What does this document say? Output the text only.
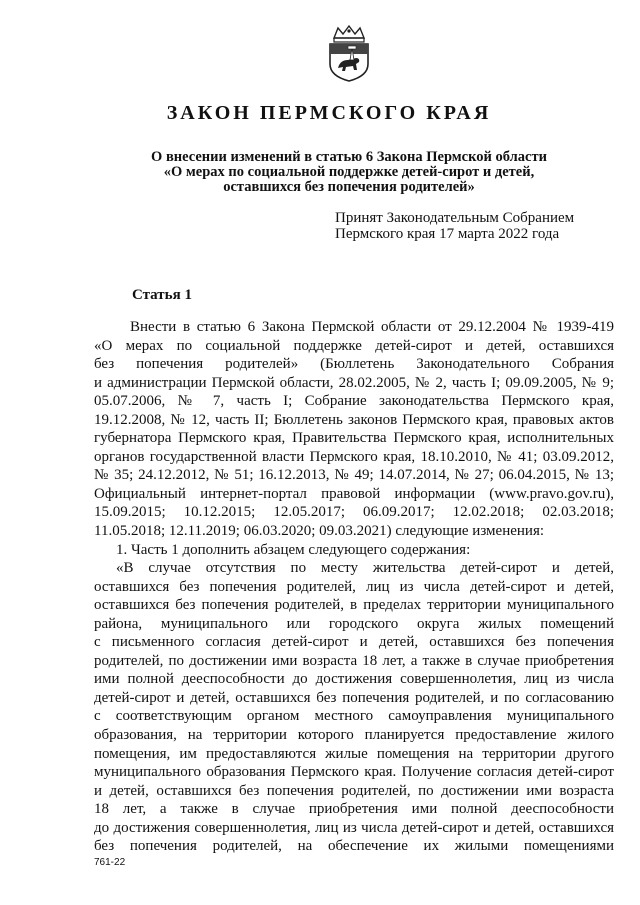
ЗАКОН ПЕРМСКОГО КРАЯ
О внесении изменений в статью 6 Закона Пермской области
«О мерах по социальной поддержке детей-сирот и детей,
оставшихся без попечения родителей»
Принят Законодательным Собранием
Пермского края 17 марта 2022 года
Статья 1
Внести в статью 6 Закона Пермской области от 29.12.2004 № 1939-419
«О мерах по социальной поддержке детей-сирот и детей, оставшихся
без попечения родителей» (Бюллетень Законодательного Собрания
и администрации Пермской области, 28.02.2005, № 2, часть I; 09.09.2005, № 9;
05.07.2006, № 7, часть I; Собрание законодательства Пермского края,
19.12.2008, № 12, часть II; Бюллетень законов Пермского края, правовых актов
губернатора Пермского края, Правительства Пермского края, исполнительных
органов государственной власти Пермского края, 18.10.2010, № 41; 03.09.2012,
№ 35; 24.12.2012, № 51; 16.12.2013, № 49; 14.07.2014, № 27; 06.04.2015, № 13;
Официальный интернет-портал правовой информации (www.pravo.gov.ru),
15.09.2015; 10.12.2015; 12.05.2017; 06.09.2017; 12.02.2018; 02.03.2018;
11.05.2018; 12.11.2019; 06.03.2020; 09.03.2021) следующие изменения:
1. Часть 1 дополнить абзацем следующего содержания:
«В случае отсутствия по месту жительства детей-сирот и детей,
оставшихся без попечения родителей, лиц из числа детей-сирот и детей,
оставшихся без попечения родителей, в пределах территории муниципального
района, муниципального или городского округа жилых помещений
с письменного согласия детей-сирот и детей, оставшихся без попечения
родителей, по достижении ими возраста 18 лет, а также в случае приобретения
ими полной дееспособности до достижения совершеннолетия, лиц из числа
детей-сирот и детей, оставшихся без попечения родителей, и по согласованию
с соответствующим органом местного самоуправления муниципального
образования, на территории которого планируется предоставление жилого
помещения, им предоставляются жилые помещения на территории другого
муниципального образования Пермского края. Получение согласия детей-сирот
и детей, оставшихся без попечения родителей, по достижении ими возраста
18 лет, а также в случае приобретения ими полной дееспособности
до достижения совершеннолетия, лиц из числа детей-сирот и детей, оставшихся
без попечения родителей, на обеспечение их жилыми помещениями
761-22
